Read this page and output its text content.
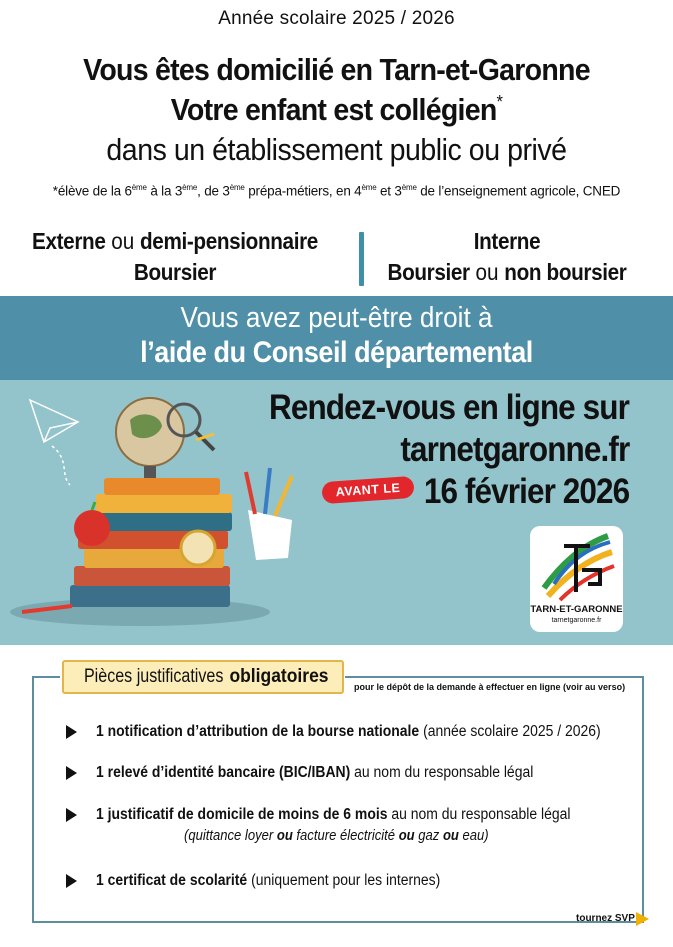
Année scolaire 2025 / 2026
Vous êtes domicilié en Tarn-et-Garonne
Votre enfant est collégien*
dans un établissement public ou privé
*élève de la 6ème à la 3ème, de 3ème prépa-métiers, en 4ème et 3ème de l’enseignement agricole, CNED
Externe ou demi-pensionnaire
Boursier
Interne
Boursier ou non boursier
Vous avez peut-être droit à
l’aide du Conseil départemental
Rendez-vous en ligne sur
tarnetgaronne.fr
16 février 2026
AVANT LE
TARN-ET-GARONNE
tarnetgaronne.fr
Pièces justificativesobligatoires	pour le dépôt de la demande à effectuer en ligne (voir au verso)
1 notification d’attribution de la bourse nationale (année scolaire 2025 / 2026)
1 relevé d’identité bancaire (BIC/IBAN) au nom du responsable légal
1 justificatif de domicile de moins de 6 mois au nom du responsable légal
(quittance loyer ou facture électricité ou gaz ou eau)
1 certificat de scolarité (uniquement pour les internes)
tournez SVP
